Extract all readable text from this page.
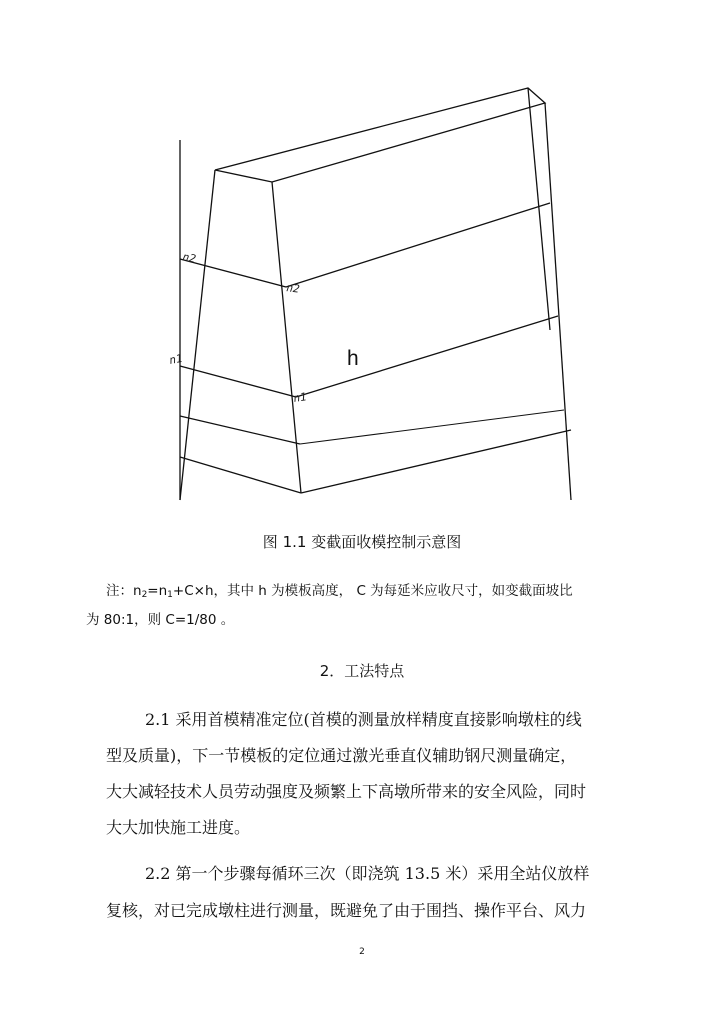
n2
n2
n1
n1
h
图 1.1 变截面收模控制示意图
注：$n_2=n_1+C\times h$，其中 h 为模板高度， C 为每延米应收尺寸，如变截面坡比
为 80:1，则 C=1/80 。
2．工法特点
2.1 采用首模精准定位(首模的测量放样精度直接影响墩柱的线
型及质量)，下一节模板的定位通过激光垂直仪辅助钢尺测量确定，
大大减轻技术人员劳动强度及频繁上下高墩所带来的安全风险，同时
大大加快施工进度。
2.2 第一个步骤每循环三次（即浇筑 13.5 米）采用全站仪放样
复核，对已完成墩柱进行测量，既避免了由于围挡、操作平台、风力
2
